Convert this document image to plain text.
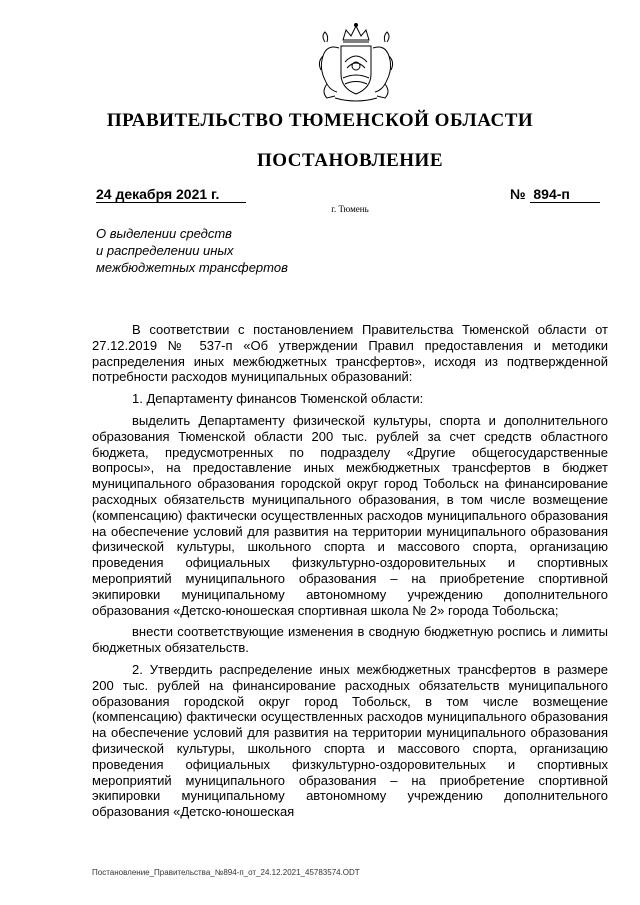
ПРАВИТЕЛЬСТВО ТЮМЕНСКОЙ ОБЛАСТИ
ПОСТАНОВЛЕНИЕ
24 декабря 2021 г.	№ 894-п
г. Тюмень
О выделении средств
и распределении иных
межбюджетных трансфертов

В соответствии с постановлением Правительства Тюменской области от 27.12.2019 № 537-п «Об утверждении Правил предоставления и методики распределения иных межбюджетных трансфертов», исходя из подтвержденной потребности расходов муниципальных образований:

1. Департаменту финансов Тюменской области:

выделить Департаменту физической культуры, спорта и дополнительного образования Тюменской области 200 тыс. рублей за счет средств областного бюджета, предусмотренных по подразделу «Другие общегосударственные вопросы», на предоставление иных межбюджетных трансфертов в бюджет муниципального образования городской округ город Тобольск на финансирование расходных обязательств муниципального образования, в том числе возмещение (компенсацию) фактически осуществленных расходов муниципального образования на обеспечение условий для развития на территории муниципального образования физической культуры, школьного спорта и массового спорта, организацию проведения официальных физкультурно-оздоровительных и спортивных мероприятий муниципального образования – на приобретение спортивной экипировки муниципальному автономному учреждению дополнительного образования «Детско-юношеская спортивная школа № 2» города Тобольска;

внести соответствующие изменения в сводную бюджетную роспись и лимиты бюджетных обязательств.

2. Утвердить распределение иных межбюджетных трансфертов в размере 200 тыс. рублей на финансирование расходных обязательств муниципального образования городской округ город Тобольск, в том числе возмещение (компенсацию) фактически осуществленных расходов муниципального образования на обеспечение условий для развития на территории муниципального образования физической культуры, школьного спорта и массового спорта, организацию проведения официальных физкультурно-оздоровительных и спортивных мероприятий муниципального образования – на приобретение спортивной экипировки муниципальному автономному учреждению дополнительного образования «Детско-юношеская

Постановление_Правительства_№894-п_от_24.12.2021_45783574.ODT
